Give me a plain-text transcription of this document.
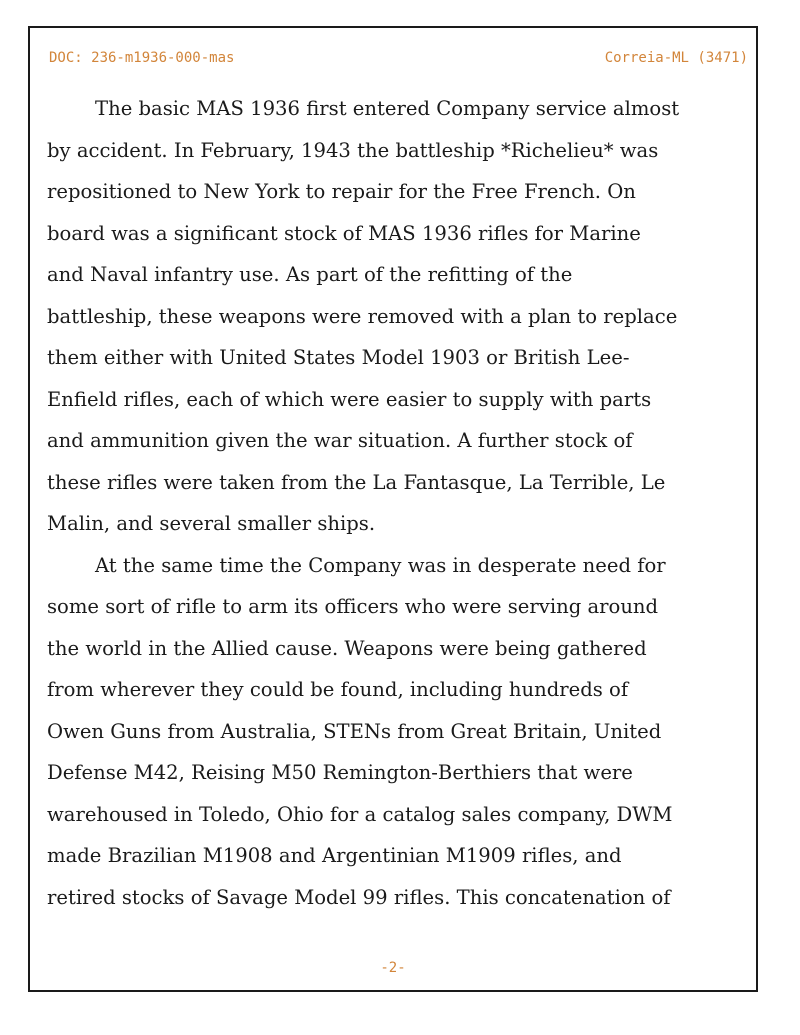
DOC: 236-m1936-000-mas	Correia-ML (3471)
The basic MAS 1936 first entered Company service almost
by accident. In February, 1943 the battleship *Richelieu* was
repositioned to New York to repair for the Free French. On
board was a significant stock of MAS 1936 rifles for Marine
and Naval infantry use. As part of the refitting of the
battleship, these weapons were removed with a plan to replace
them either with United States Model 1903 or British Lee-
Enfield rifles, each of which were easier to supply with parts
and ammunition given the war situation. A further stock of
these rifles were taken from the La Fantasque, La Terrible, Le
Malin, and several smaller ships.
At the same time the Company was in desperate need for
some sort of rifle to arm its officers who were serving around
the world in the Allied cause. Weapons were being gathered
from wherever they could be found, including hundreds of
Owen Guns from Australia, STENs from Great Britain, United
Defense M42, Reising M50 Remington-Berthiers that were
warehoused in Toledo, Ohio for a catalog sales company, DWM
made Brazilian M1908 and Argentinian M1909 rifles, and
retired stocks of Savage Model 99 rifles. This concatenation of
-2-
